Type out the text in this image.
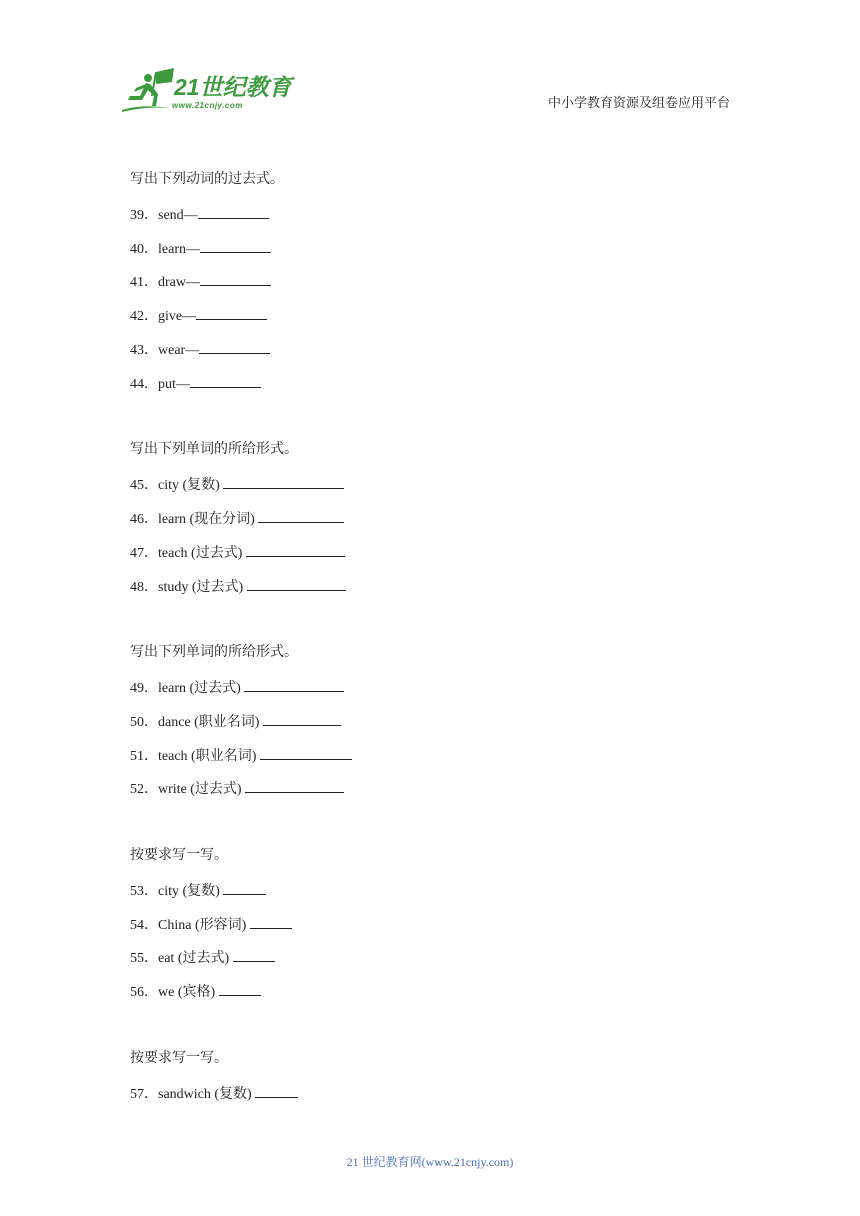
21世纪教育
www.21cnjy.com	中小学教育资源及组卷应用平台
写出下列动词的过去式。
39．send—
40．learn—
41．draw—
42．give—
43．wear—
44．put—
写出下列单词的所给形式。
45．city (复数)
46．learn (现在分词)
47．teach (过去式)
48．study (过去式)
写出下列单词的所给形式。
49．learn (过去式)
50．dance (职业名词)
51．teach (职业名词)
52．write (过去式)
按要求写一写。
53．city (复数)
54．China (形容词)
55．eat (过去式)
56．we (宾格)
按要求写一写。
57．sandwich (复数)
21 世纪教育网(www.21cnjy.com)
